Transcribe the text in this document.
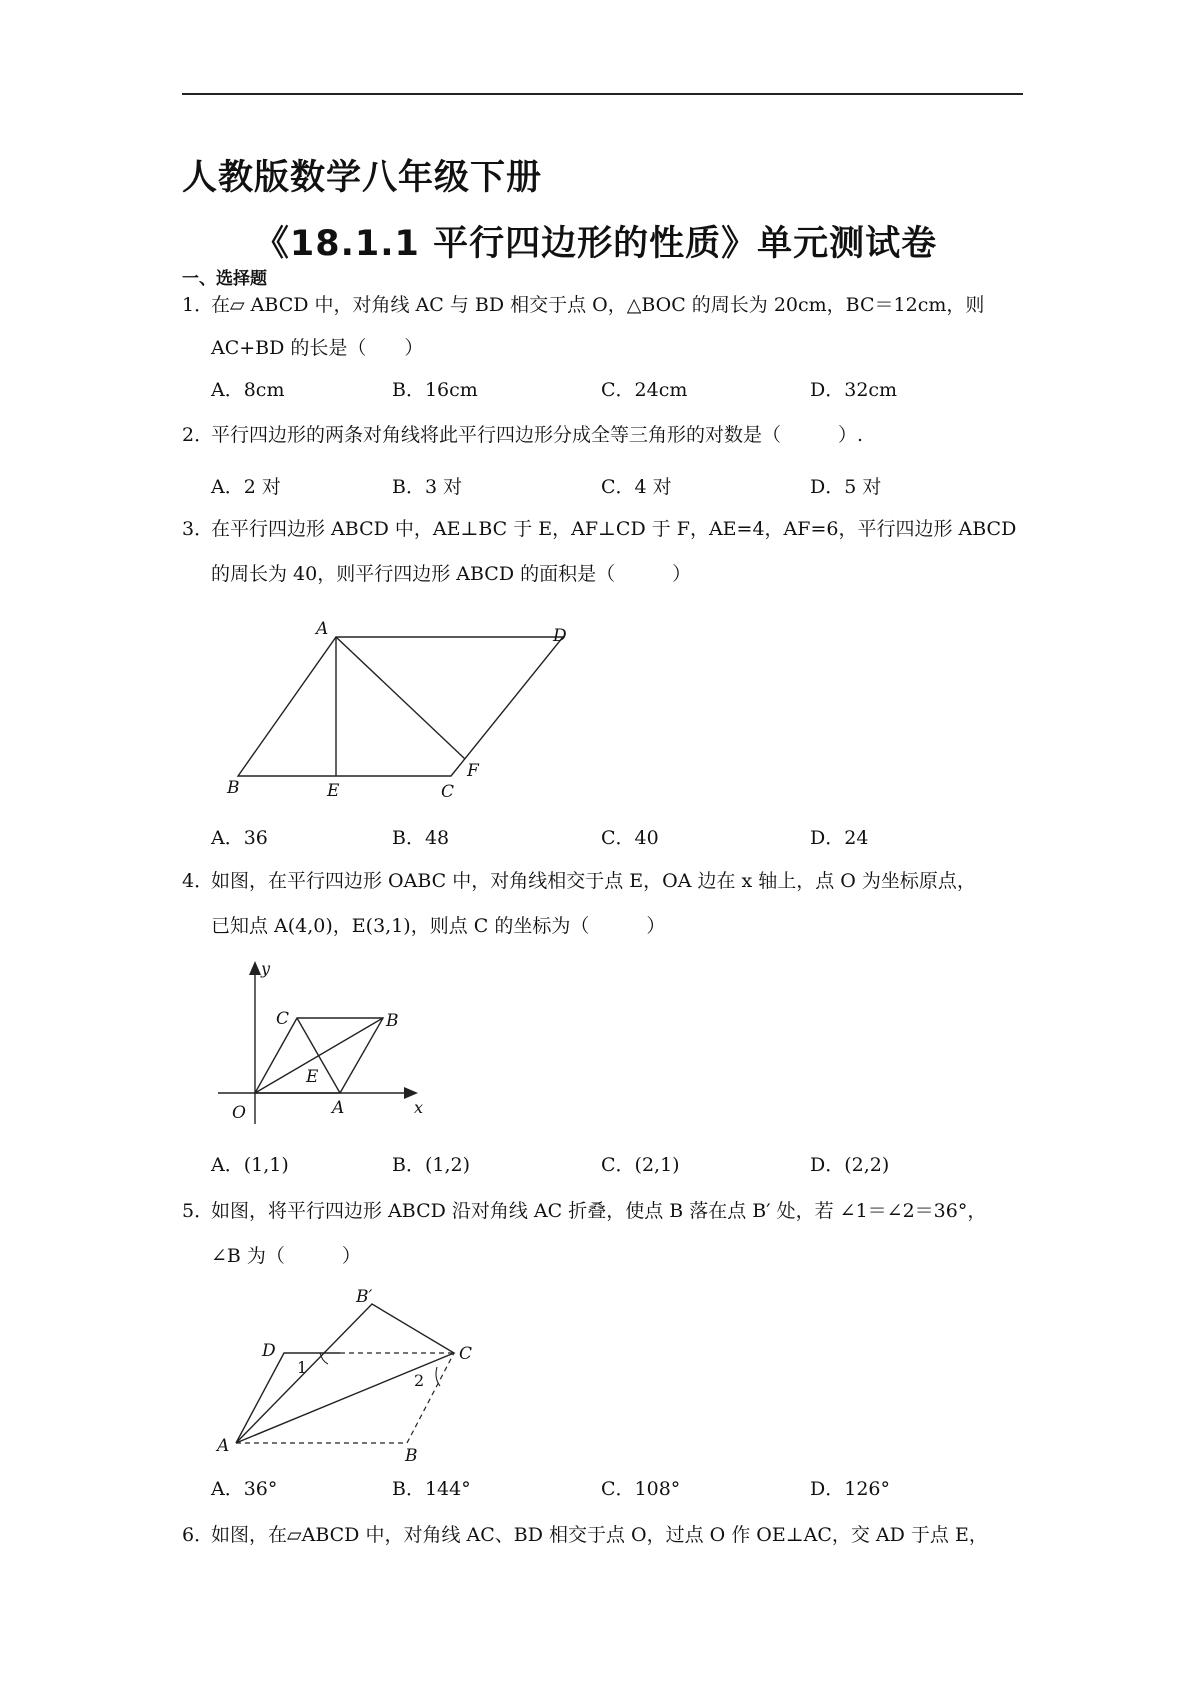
人教版数学八年级下册
《18.1.1 平行四边形的性质》单元测试卷
一、选择题
1．在▱ ABCD 中，对角线 AC 与 BD 相交于点 O，△BOC 的周长为 20cm，BC＝12cm，则
AC+BD 的长是（　　）
A．8cm	B．16cm	C．24cm	D．32cm
2．平行四边形的两条对角线将此平行四边形分成全等三角形的对数是（　　　）.
A．2 对	B．3 对	C．4 对	D．5 对
3．在平行四边形 ABCD 中，AE⊥BC 于 E，AF⊥CD 于 F，AE=4，AF=6，平行四边形 ABCD
的周长为 40，则平行四边形 ABCD 的面积是（　　　）
A	D
B	E	C
F
A．36	B．48	C．40	D．24
4．如图，在平行四边形 OABC 中，对角线相交于点 E，OA 边在 x 轴上，点 O 为坐标原点，
已知点 A(4,0)，E(3,1)，则点 C 的坐标为（　　　）
y
x
O	A
B
C
E
A．(1,1)	B．(1,2)	C．(2,1)	D．(2,2)
5．如图，将平行四边形 ABCD 沿对角线 AC 折叠，使点 B 落在点 B′ 处，若 ∠1＝∠2＝36°，
∠B 为（　　　）
B′
D	C
1
2
A	B
A．36°	B．144°	C．108°	D．126°
6．如图，在▱ABCD 中，对角线 AC、BD 相交于点 O，过点 O 作 OE⊥AC，交 AD 于点 E，
